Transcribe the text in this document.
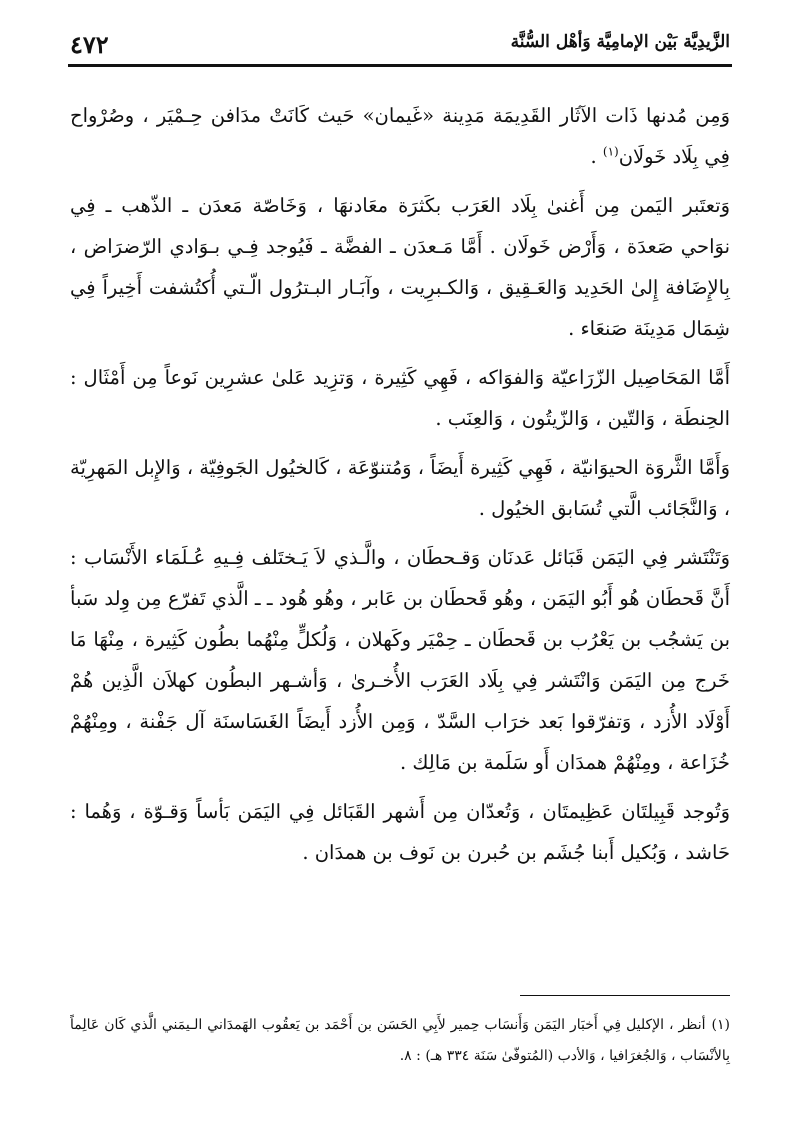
الزَّيدِيَّة بَيْن الإمامِيَّة وَأهْل السُّنَّة
٤٧٢

وَمِن مُدنها ذَات الآثَار القَدِيمَة مَدِينة «غَيمان» حَيث كَانَتْ مدَافن حِـمْيَر ، وصُرْواح فِي بِلَاد خَولَان$^{(١)}$ .

وَتعتَبر اليَمن مِن أَغنىٰ بِلَاد العَرَب بكَثرَة معَادنهَا ، وَخَاصّة مَعدَن ـ الذّهب ـ فِي نوَاحي صَعدَة ، وَأَرْض خَولَان . أَمَّا مَـعدَن ـ الفضَّة ـ فَيُوجد فِـي بـوَادي الرّضرَاض ، بِالإِضَافة إِلىٰ الحَدِيد وَالعَـقِيق ، وَالكـبرِيت ، وآبَـار البـترُول الّـتي أُكتُشفت أَخِيراً فِي شِمَال مَدِينَة صَنعَاء .

أَمَّا المَحَاصِيل الزّرَاعيّة وَالفوَاكه ، فَهِي كَثِيرة ، وَتزِيد عَلىٰ عشرِين نَوعاً مِن أَمْثَال : الحِنطَة ، وَالتّين ، وَالزّيتُون ، وَالعِنَب .

وَأَمَّا الثَّروَة الحيوَانيّة ، فَهِي كَثِيرة أَيضَاً ، وَمُتنوّعَة ، كَالخيُول الجَوفِيّة ، وَالإِبل المَهرِيّة ، وَالنَّجَائب الَّتي تُسَابق الخيُول .

وَتَنْتَشر فِي اليَمَن قَبَائل عَدنَان وَقـحطَان ، والَّـذي لاَ يَـختَلف فِـيهِ عُـلَمَاء الأَنْسَاب : أَنَّ قَحطَان هُو أَبُو اليَمَن ، وهُو قَحطَان بن عَابر ، وهُو هُود ـ ـ الَّذي تَفرّع مِن وِلد سَبأ بن يَشجُب بن يَعْرُب بن قَحطَان ـ حِمْيَر وكَهلان ، وَلُكلٍّ مِنْهُما بطُون كَثِيرة ، مِنْهَا مَا خَرج مِن اليَمَن وَانْتَشر فِي بِلَاد العَرَب الأُخـرىٰ ، وَأشـهر البطُون كهلاَن الَّذِين هُمْ أَوْلَاد الأُزد ، وَتفرّقوا بَعد خرَاب السَّدّ ، وَمِن الأُزد أَيضَاً الغَسَاسنَة آل جَفْنة ، ومِنْهُمْ خُزَاعة ، ومِنْهُمْ همدَان أَو سَلَمة بن مَالِك .

وَتُوجد قَبِيلتَان عَظِيمتَان ، وَتُعدّان مِن أَشهر القَبَائل فِي اليَمَن بَأساً وَقـوّة ، وَهُما : حَاشد ، وَبُكيل أَبنا جُشَم بن حُبرن بن نَوف بن همدَان .

(١)أنظر ، الإكليل فِي أَخبَار اليَمَن وَأَنسَاب حِمير لأَبِي الحَسَن بن أَحْمَد بن يَعقُوب الهَمدَاني الـيمَني الَّذي كَان عَالِماً بِالأنْسَاب ، وَالجُغرَافيا ، وَالأدب (المُتوفّىٰ سَنَة ٣٣٤ هـ) : ٨.
